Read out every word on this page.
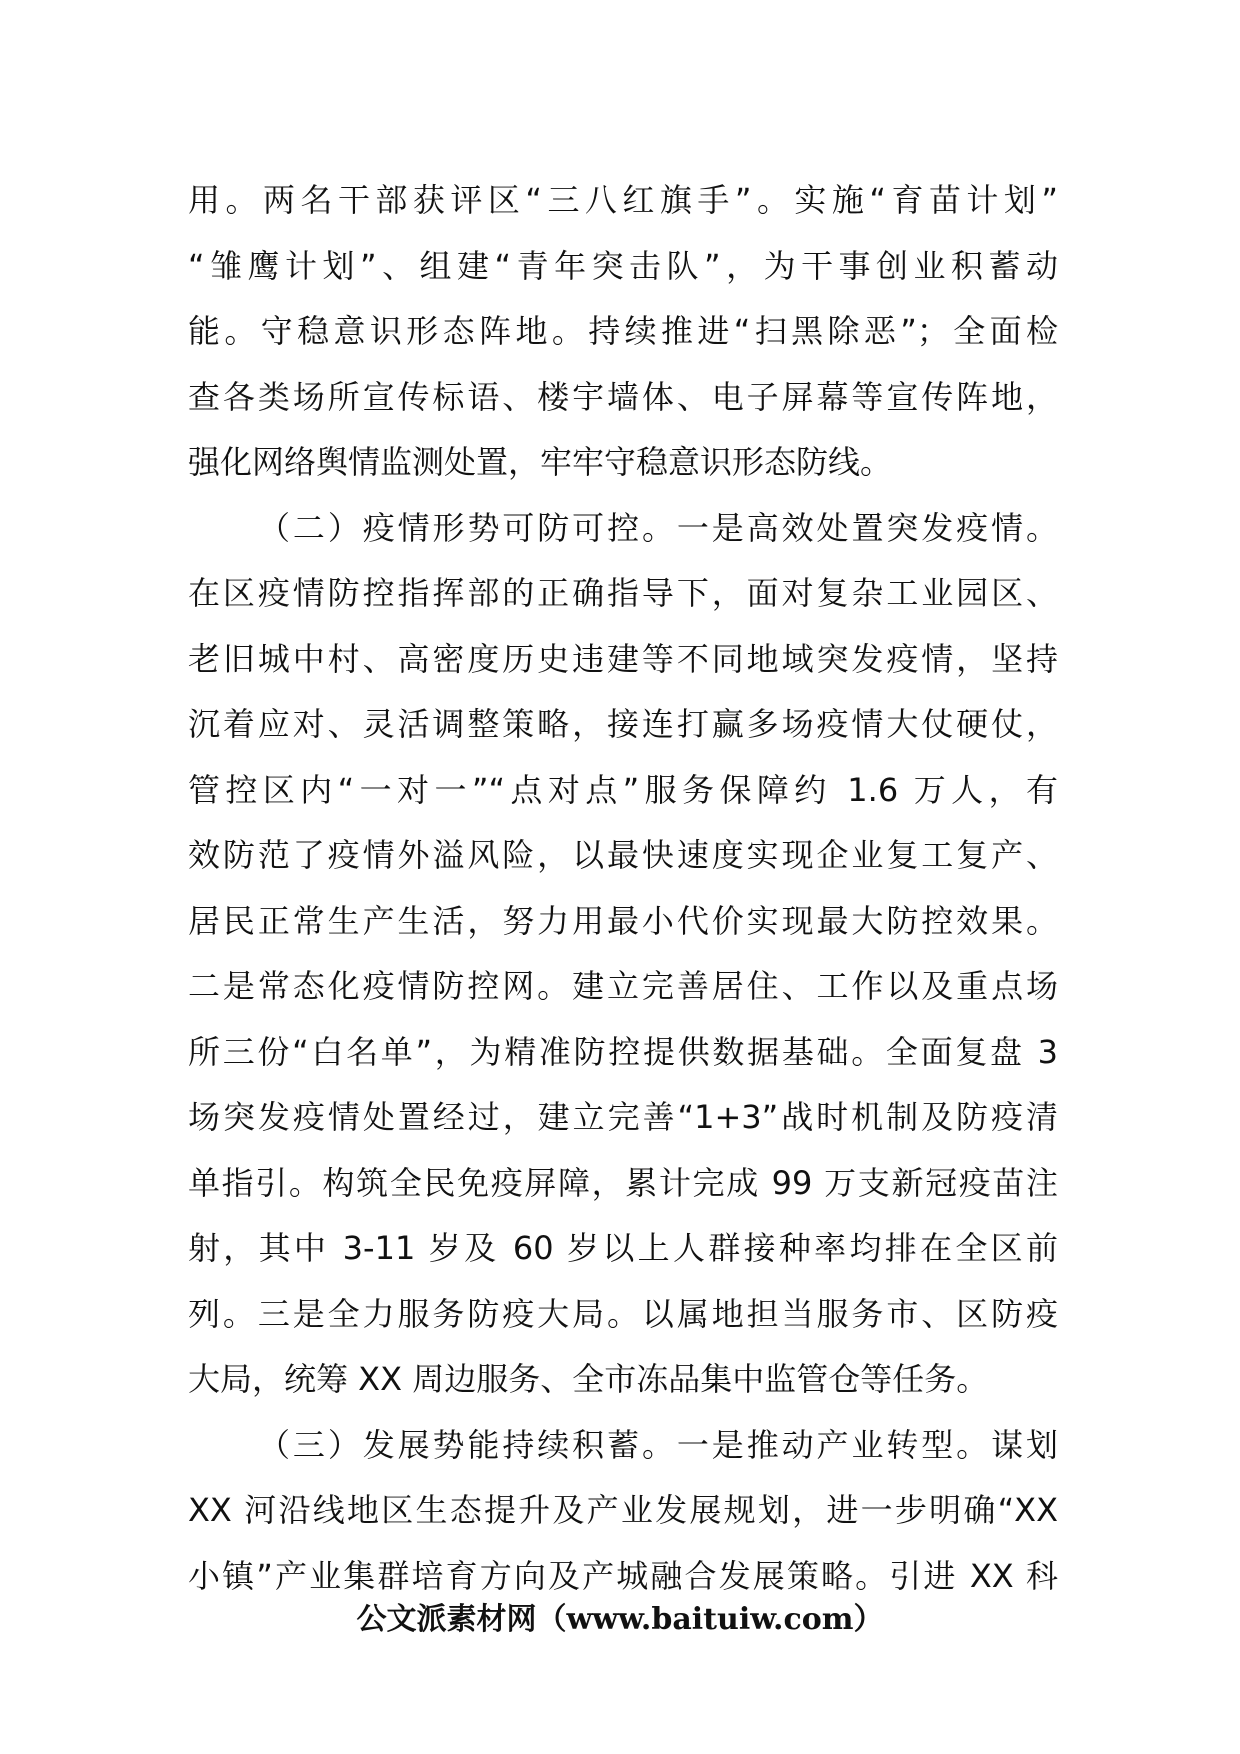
用。两名干部获评区“三八红旗手”。实施“育苗计划”
“雏鹰计划”、组建“青年突击队”，为干事创业积蓄动
能。守稳意识形态阵地。持续推进“扫黑除恶”；全面检
查各类场所宣传标语、楼宇墙体、电子屏幕等宣传阵地，
强化网络舆情监测处置，牢牢守稳意识形态防线。
（二）疫情形势可防可控。一是高效处置突发疫情。
在区疫情防控指挥部的正确指导下，面对复杂工业园区、
老旧城中村、高密度历史违建等不同地域突发疫情，坚持
沉着应对、灵活调整策略，接连打赢多场疫情大仗硬仗，
管控区内“一对一”“点对点”服务保障约 1.6 万人，有
效防范了疫情外溢风险，以最快速度实现企业复工复产、
居民正常生产生活，努力用最小代价实现最大防控效果。
二是常态化疫情防控网。建立完善居住、工作以及重点场
所三份“白名单”，为精准防控提供数据基础。全面复盘 3
场突发疫情处置经过，建立完善“1+3”战时机制及防疫清
单指引。构筑全民免疫屏障，累计完成 99 万支新冠疫苗注
射，其中 3-11 岁及 60 岁以上人群接种率均排在全区前
列。三是全力服务防疫大局。以属地担当服务市、区防疫
大局，统筹 XX 周边服务、全市冻品集中监管仓等任务。
（三）发展势能持续积蓄。一是推动产业转型。谋划
XX 河沿线地区生态提升及产业发展规划，进一步明确“XX
小镇”产业集群培育方向及产城融合发展策略。引进 XX 科
公文派素材网（www.baituiw.com）
